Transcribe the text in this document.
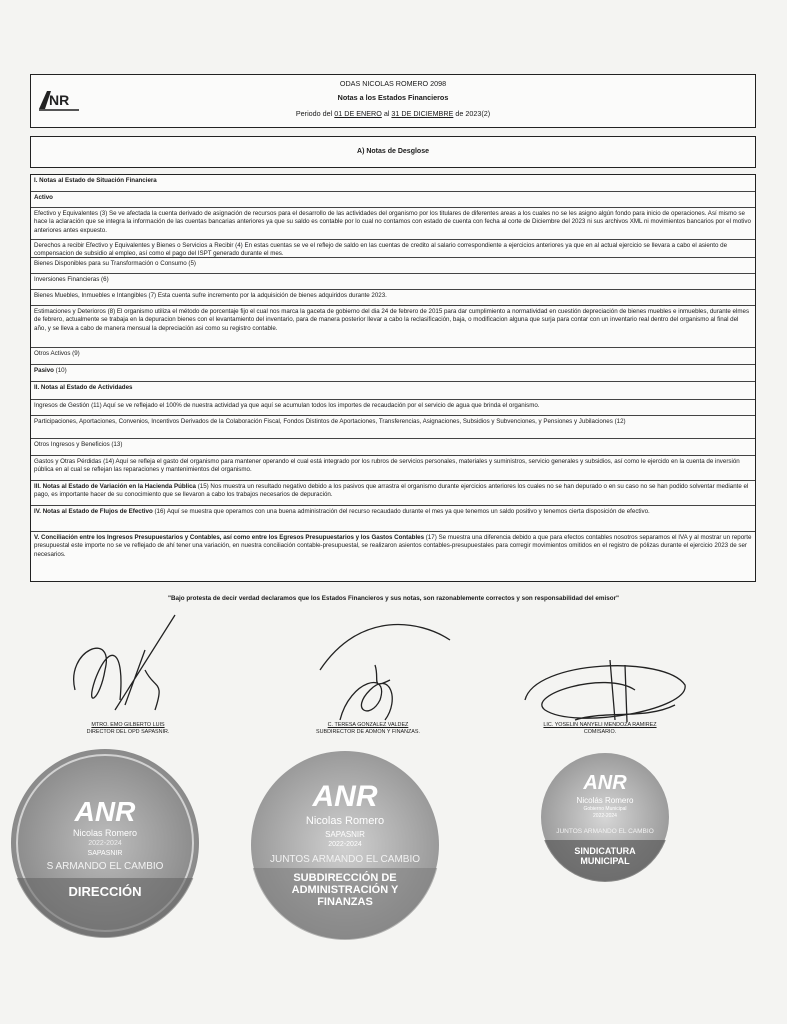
NR
ODAS NICOLAS ROMERO 2098
Notas a los Estados Financieros
Periodo del 01 DE ENERO al 31 DE DICIEMBRE de 2023(2)
A) Notas de Desglose
I. Notas al Estado de Situación Financiera
Activo
Efectivo y Equivalentes (3) Se ve afectada la cuenta derivado de asignación de recursos para el desarrollo de las actividades del organismo por los titulares de diferentes areas a los cuales no se les asigno algún fondo para inicio de operaciones. Así mismo se hace la aclaración que se integra la información de las cuentas bancarias anteriores ya que su saldo es contable por lo cual no contamos con estado de cuenta con fecha al corte de Diciembre del 2023 ni sus archivos XML ni movimientos bancarios por el motivo anteriores antes expuesto.
Derechos a recibir Efectivo y Equivalentes y Bienes o Servicios a Recibir (4) En estas cuentas se ve el reflejo de saldo en las cuentas de credito al salario correspondiente a ejercicios anteriores ya que en al actual ejercicio se llevara a cabo el asiento de compensacion de subsidio al empleo, así como el pago del ISPT generado durante el mes.
Bienes Disponibles para su Transformación o Consumo (5)
Inversiones Financieras (6)
Bienes Muebles, Inmuebles e Intangibles (7) Esta cuenta sufre incremento por la adquisición de bienes adquiridos durante 2023.
Estimaciones y Deterioros (8) El organismo utiliza el método de porcentaje fijo el cual nos marca la gaceta de gobierno del dia 24 de febrero de 2015 para dar cumplimiento a normatividad en cuestión depreciación de bienes muebles e inmuebles, durante elmes de febrero, actualmente se trabaja en la depuracion bienes con el levantamiento del inventario, para de manera posterior llevar a cabo la reclasificación, baja, o modificacion alguna que surja para contar con un inventario real dentro del organismo al final del año, y se lleva a cabo de manera mensual la depreciación asi como su registro contable.
Otros Activos (9)
Pasivo (10)
II. Notas al Estado de Actividades
Ingresos de Gestión (11) Aquí se ve reflejado el 100% de nuestra actividad ya que aquí se acumulan todos los importes de recaudación por el servicio de agua que brinda el organismo.
Participaciones, Aportaciones, Convenios, Incentivos Derivados de la Colaboración Fiscal, Fondos Distintos de Aportaciones, Transferencias, Asignaciones, Subsidios y Subvenciones, y Pensiones y Jubilaciones (12)
Otros Ingresos y Beneficios (13)
Gastos y Otras Pérdidas (14) Aquí se refleja el gasto del organismo para mantener operando el cual está integrado por los rubros de servicios personales, materiales y suministros, servicio generales y subsidios, así como le ejercido en la cuenta de inversión pública en al cual se reflejan las reparaciones y mantenimientos del organismo.
III. Notas al Estado de Variación en la Hacienda Pública (15) Nos muestra un resultado negativo debido a los pasivos que arrastra el organismo durante ejercicios anteriores los cuales no se han depurado o en su caso no se han podido solventar mediante el pago, es importante hacer de su conocimiento que se llevaron a cabo los trabajos necesarios de depuración.
IV. Notas al Estado de Flujos de Efectivo (16) Aquí se muestra que operamos con una buena administración del recurso recaudado durante el mes ya que tenemos un saldo positivo y tenemos cierta disposición de efectivo.
V. Conciliación entre los Ingresos Presupuestarios y Contables, así como entre los Egresos Presupuestarios y los Gastos Contables (17) Se muestra una diferencia debido a que para efectos contables nosotros separamos el IVA y al mostrar un reporte presupuestal este importe no se ve reflejado de ahí tener una variación, en nuestra conciliación contable-presupuestal, se realizaron asientos contables-presupuestales para corregir movimientos omitidos en el registro de pólizas durante el ejercicio 2023 de ser necesarios.
"Bajo protesta de decir verdad declaramos que los Estados Financieros y sus notas, son razonablemente correctos y son responsabilidad del emisor"
MTRO. EMO GILBERTO LUIS
DIRECTOR DEL OPD SAPASNIR.
C. TERESA GONZALEZ VALDEZ
SUBDIRECTOR DE ADMON Y FINANZAS.
LIC. YOSELIN NANYELI MENDOZA RAMIREZ
COMISARIO.
ANR
Nicolas Romero
2022-2024
SAPASNIR
S ARMANDO EL CAMBIO
DIRECCIÓN
ANR
Nicolas Romero
SAPASNIR
2022-2024
JUNTOS ARMANDO EL CAMBIO
SUBDIRECCIÓN DE ADMINISTRACIÓN Y FINANZAS
ANR
Nicolás Romero
Gobierno Municipal
2022-2024
JUNTOS ARMANDO EL CAMBIO
SINDICATURA MUNICIPAL
